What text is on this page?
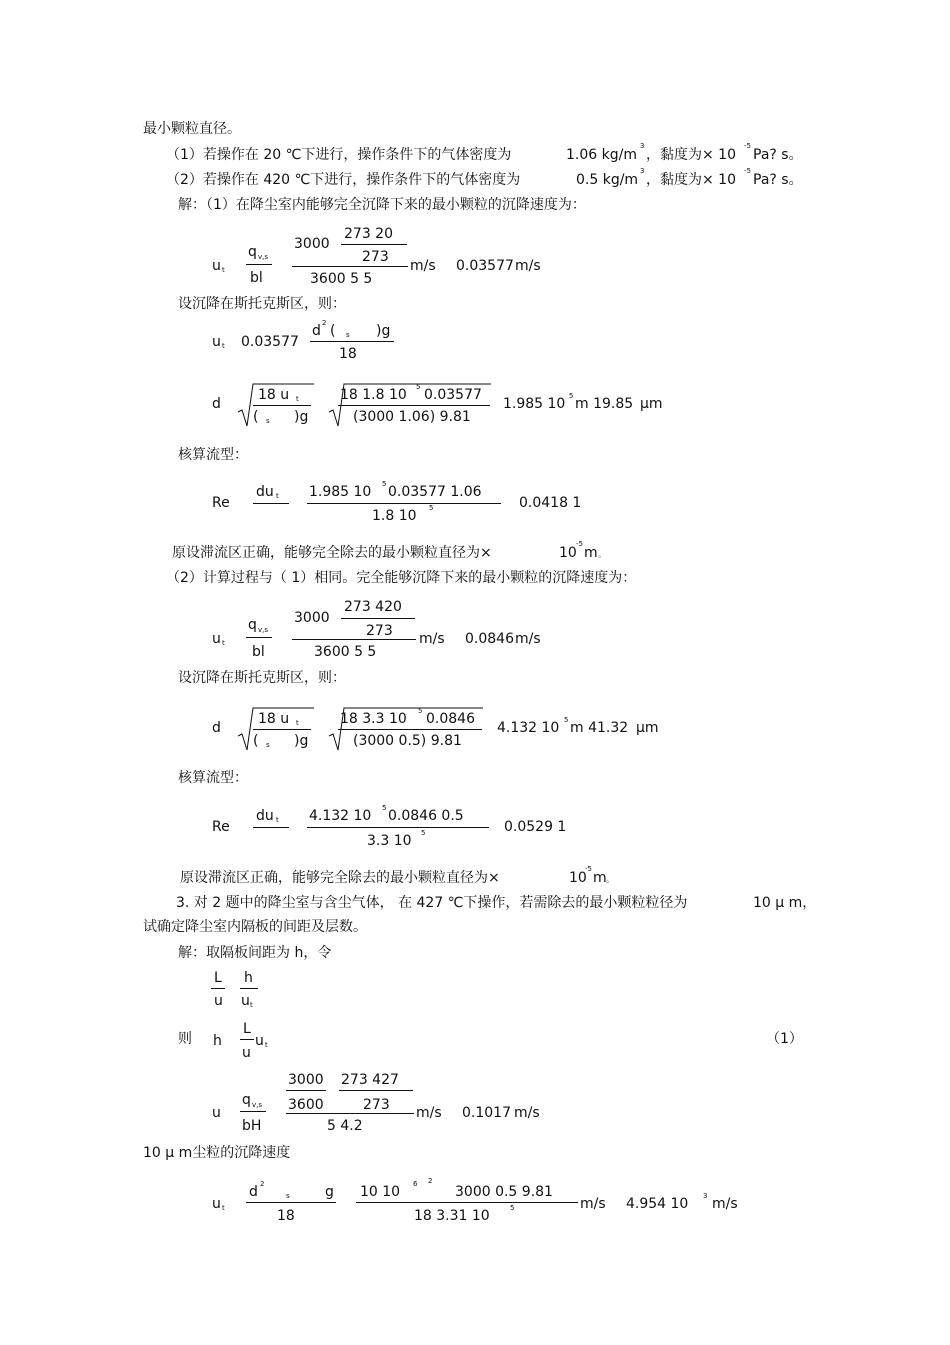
最小颗粒直径。
（1）若操作在 20 ℃下进行，操作条件下的气体密度为	1.06 kg/m
3
，黏度为× 10
-5
Pa? s。
（2）若操作在 420 ℃下进行，操作条件下的气体密度为	0.5 kg/m
3
，黏度为× 10
-5
Pa? s。
解：（1）在降尘室内能够完全沉降下来的最小颗粒的沉降速度为：
u t
q v,s
bl
3000
273 20
273
3600 5 5
m/s 0.03577 m/s
设沉降在斯托克斯区，则：
u t 0.03577
d 2 ( s )g
18
d
18 u t
( s )g
18 1.8 10 5 0.03577
(3000 1.06) 9.81
1.985 10 5 m 19.85 μm
核算流型：
Re
du t 1.985 10 5 0.03577 1.06
1.8 10 5	0.0418 1
原设滞流区正确，能够完全除去的最小颗粒直径为×	10
-5
m 。
（2）计算过程与（ 1）相同。完全能够沉降下来的最小颗粒的沉降速度为：
u t
q v,s
bl
3000
273 420
273
3600 5 5
m/s 0.0846 m/s
设沉降在斯托克斯区，则：
d
18 u t
( s )g
18 3.3 10 5 0.0846
(3000 0.5) 9.81
4.132 10 5 m 41.32 μm
核算流型：
Re
du t 4.132 10 5 0.0846 0.5
3.3 10 5	0.0529 1
原设滞流区正确，能够完全除去的最小颗粒直径为×	10
-5
m 。
3. 对 2 题中的降尘室与含尘气体， 在 427 ℃下操作，若需除去的最小颗粒粒径为	10 μ m，
试确定降尘室内隔板的间距及层数。
解：取隔板间距为 h，令
L
u
h
u t
则 h
L
u
u t	（1）
u
q v,s
bH
3000
3600
273 427
273
5 4.2
m/s 0.1017 m/s
10 μ m尘粒的沉降速度
u t
d 2
s	g
18
10 10 6 2
3000 0.5 9.81
18 3.31 10	5	m/s 4.954 10 3 m/s
